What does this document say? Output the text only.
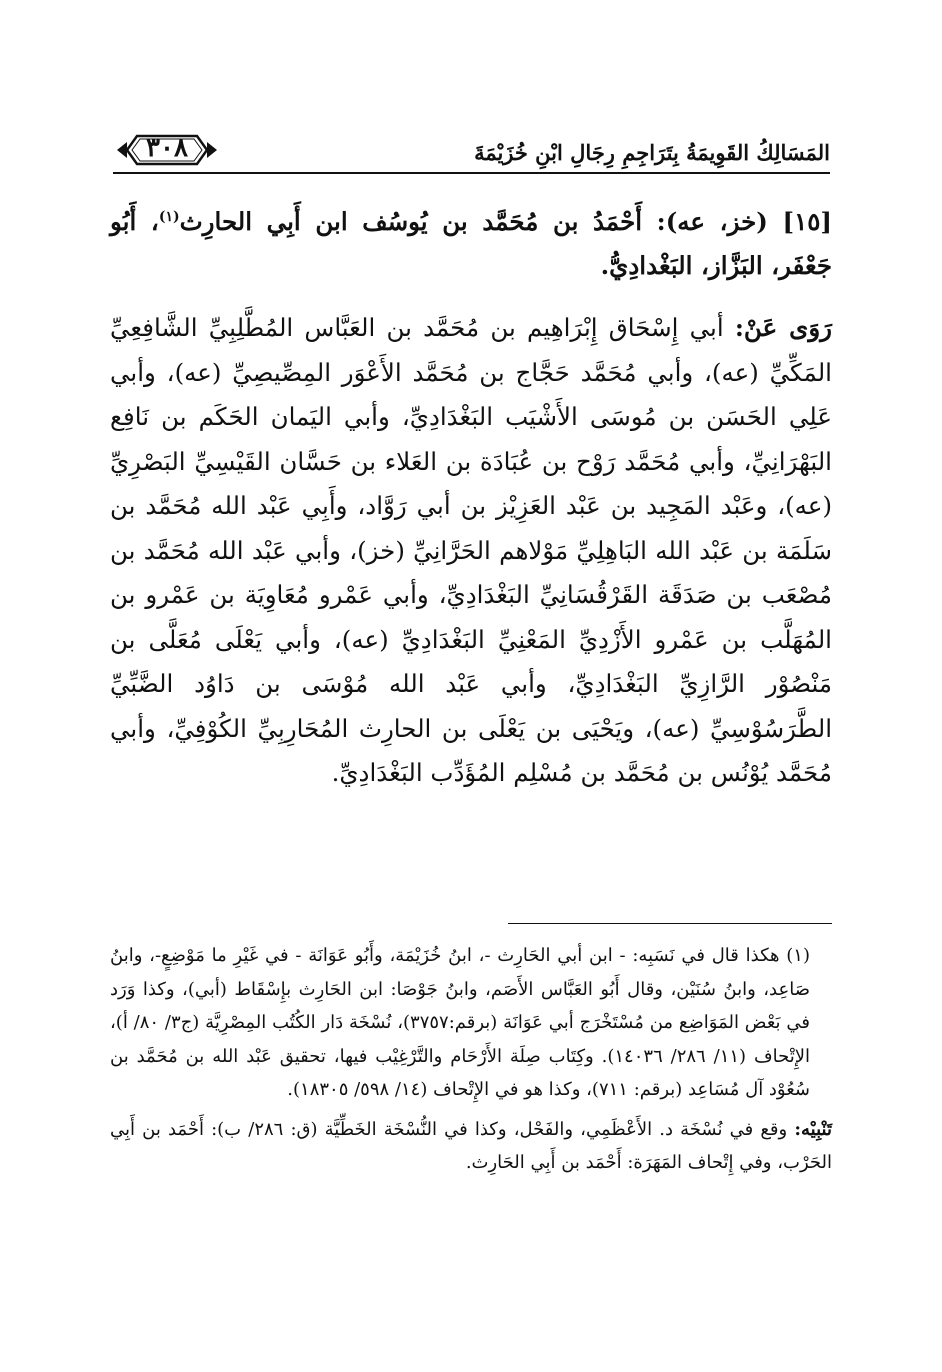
٣٠٨	المَسَالِكُ القَوِيمَةُ بِتَرَاجِمِ رِجَالِ ابْنِ خُزَيْمَةَ

[١٥] (خز، عه): أَحْمَدُ بن مُحَمَّد بن يُوسُف ابن أَبِي الحارِث$^{(١)}$، أَبُو جَعْفَر، البَزَّاز، البَغْدادِيُّ.

رَوَى عَنْ: أبي إِسْحَاق إِبْرَاهِيم بن مُحَمَّد بن العَبَّاس المُطَّلِبِيِّ الشَّافِعِيِّ المَكِّيِّ (عه)، وأبي مُحَمَّد حَجَّاج بن مُحَمَّد الأَعْوَر المِصِّيصِيِّ (عه)، وأبي عَلِي الحَسَن بن مُوسَى الأَشْيَب البَغْدَادِيِّ، وأبي اليَمان الحَكَم بن نَافِع البَهْرَانِيِّ، وأبي مُحَمَّد رَوْح بن عُبَادَة بن العَلاء بن حَسَّان القَيْسِيِّ البَصْرِيِّ (عه)، وعَبْد المَجِيد بن عَبْد العَزِيْز بن أبي رَوَّاد، وأَبِي عَبْد الله مُحَمَّد بن سَلَمَة بن عَبْد الله البَاهِلِيِّ مَوْلاهم الحَرَّانِيِّ (خز)، وأبي عَبْد الله مُحَمَّد بن مُصْعَب بن صَدَقَة القَرْقُسَانِيِّ البَغْدَادِيِّ، وأبي عَمْرو مُعَاوِيَة بن عَمْرو بن المُهَلَّب بن عَمْرو الأَزْدِيِّ المَعْنِيِّ البَغْدَادِيِّ (عه)، وأبي يَعْلَى مُعَلَّى بن مَنْصُوْر الرَّازِيِّ البَغْدَادِيِّ، وأبي عَبْد الله مُوْسَى بن دَاوُد الضَّبِّيِّ الطَّرَسُوْسِيِّ (عه)، ويَحْيَى بن يَعْلَى بن الحارِث المُحَارِبِيِّ الكُوْفِيِّ، وأبي مُحَمَّد يُوْنُس بن مُحَمَّد بن مُسْلِم المُؤَدِّب البَغْدَادِيِّ.

(١) هكذا قال في نَسَبِه: - ابن أبي الحَارِث -، ابنُ خُزَيْمَة، وأَبُو عَوَانَة - في غَيْرِ ما مَوْضِعٍ-، وابنُ صَاعِد، وابنُ سُنَيْن، وقال أَبُو العَبَّاس الأَصَم، وابنُ جَوْصَا: ابن الحَارِث بإِسْقَاط (أبي)، وكذا وَرَد في بَعْض المَوَاضِع من مُسْتَخْرَج أبي عَوَانَة (برقم:٣٧٥٧)، نُسْخَة دَار الكُتُب المِصْرِيَّة (ج٣/ ٨٠/ أ)، الإِتْحاف (١١/ ٢٨٦/ ١٤٠٣٦). وكِتَاب صِلَة الأَرْحَام والتَّرْغِيْب فيها، تحقيق عَبْد الله بن مُحَمَّد بن سُعُوْد آل مُسَاعِد (برقم: ٧١١)، وكذا هو في الإِتْحاف (١٤/ ٥٩٨/ ١٨٣٠٥).

تَنْبِيْه: وقع في نُسْخَة د. الأَعْظَمِي، والفَحْل، وكذا في النُّسْخَة الخَطِّيَّة (ق: ٢٨٦/ ب): أَحْمَد بن أَبِي الحَرْب، وفي إِتْحاف المَهَرَة: أَحْمَد بن أَبِي الحَارِث.
